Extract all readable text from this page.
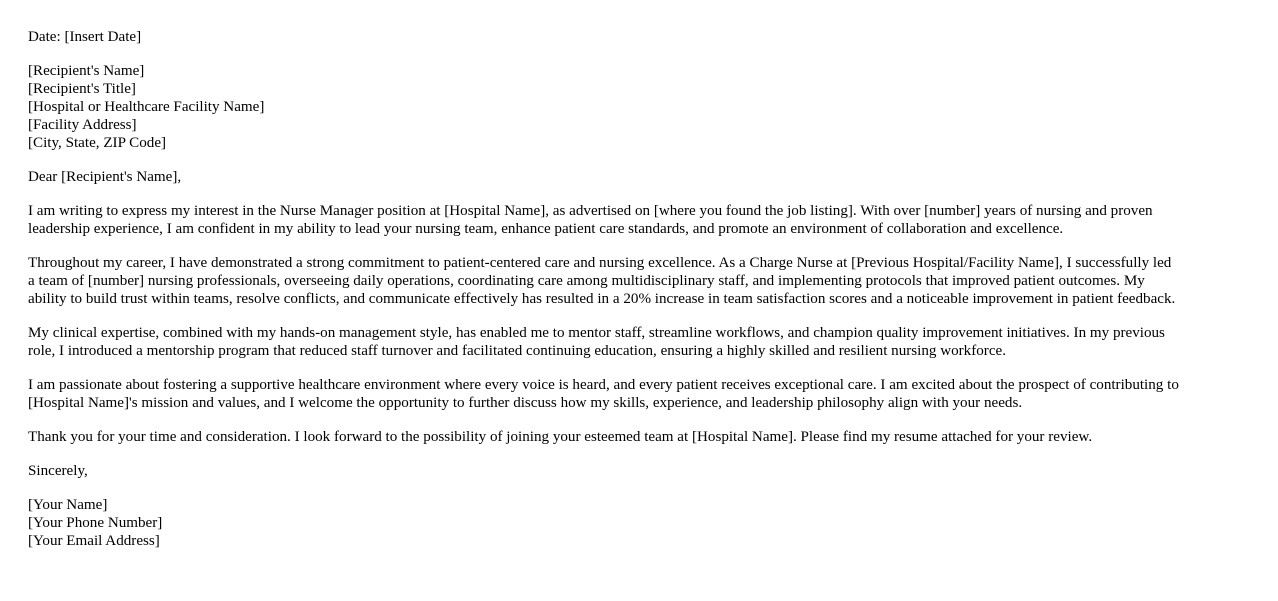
Date: [Insert Date]

[Recipient's Name]
[Recipient's Title]
[Hospital or Healthcare Facility Name]
[Facility Address]
[City, State, ZIP Code]

Dear [Recipient's Name],

I am writing to express my interest in the Nurse Manager position at [Hospital Name], as advertised on [where you found the job listing]. With over [number] years of nursing and proven
leadership experience, I am confident in my ability to lead your nursing team, enhance patient care standards, and promote an environment of collaboration and excellence.

Throughout my career, I have demonstrated a strong commitment to patient-centered care and nursing excellence. As a Charge Nurse at [Previous Hospital/Facility Name], I successfully led
a team of [number] nursing professionals, overseeing daily operations, coordinating care among multidisciplinary staff, and implementing protocols that improved patient outcomes. My
ability to build trust within teams, resolve conflicts, and communicate effectively has resulted in a 20% increase in team satisfaction scores and a noticeable improvement in patient feedback.

My clinical expertise, combined with my hands-on management style, has enabled me to mentor staff, streamline workflows, and champion quality improvement initiatives. In my previous
role, I introduced a mentorship program that reduced staff turnover and facilitated continuing education, ensuring a highly skilled and resilient nursing workforce.

I am passionate about fostering a supportive healthcare environment where every voice is heard, and every patient receives exceptional care. I am excited about the prospect of contributing to
[Hospital Name]'s mission and values, and I welcome the opportunity to further discuss how my skills, experience, and leadership philosophy align with your needs.

Thank you for your time and consideration. I look forward to the possibility of joining your esteemed team at [Hospital Name]. Please find my resume attached for your review.

Sincerely,

[Your Name]
[Your Phone Number]
[Your Email Address]
